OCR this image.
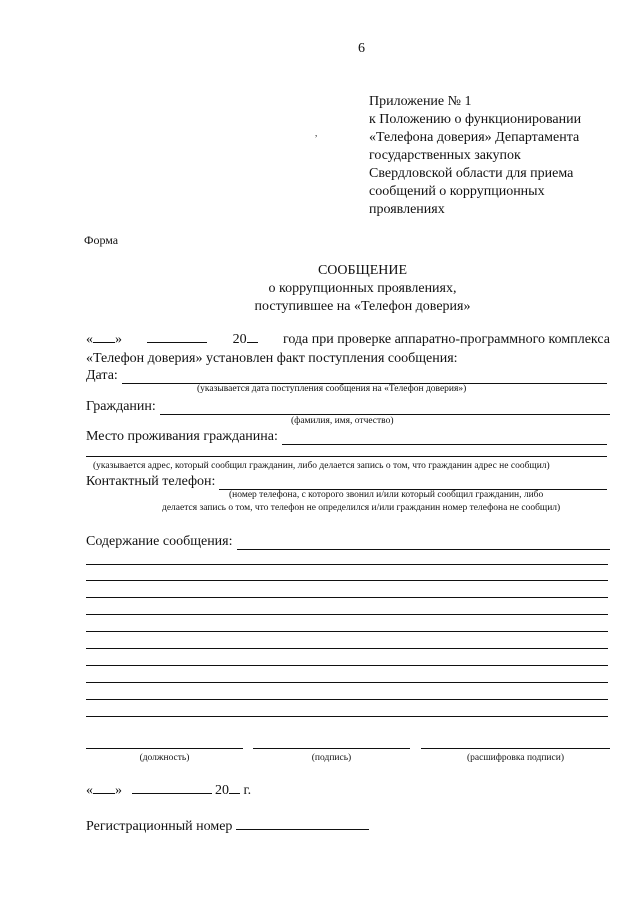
6
Приложение № 1
к Положению о функционировании
«Телефона доверия» Департамента
государственных закупок
Свердловской области для приема
сообщений о коррупционных
проявлениях
,
Форма
СООБЩЕНИЕ
о коррупционных проявлениях,
поступившее на «Телефон доверия»
« »	20	года при проверке аппаратно-программного комплекса
«Телефон доверия» установлен факт поступления сообщения:
Дата:
(указывается дата поступления сообщения на «Телефон доверия»)
Гражданин:
(фамилия, имя, отчество)
Место проживания гражданина:
(указывается адрес, который сообщил гражданин, либо делается запись о том, что гражданин адрес не сообщил)
Контактный телефон:
(номер телефона, с которого звонил и/или который сообщил гражданин, либо
делается запись о том, что телефон не определился и/или гражданин номер телефона не сообщил)
Содержание сообщения:
(должность)	(подпись)	(расшифровка подписи)
« »	20 г.
Регистрационный номер
